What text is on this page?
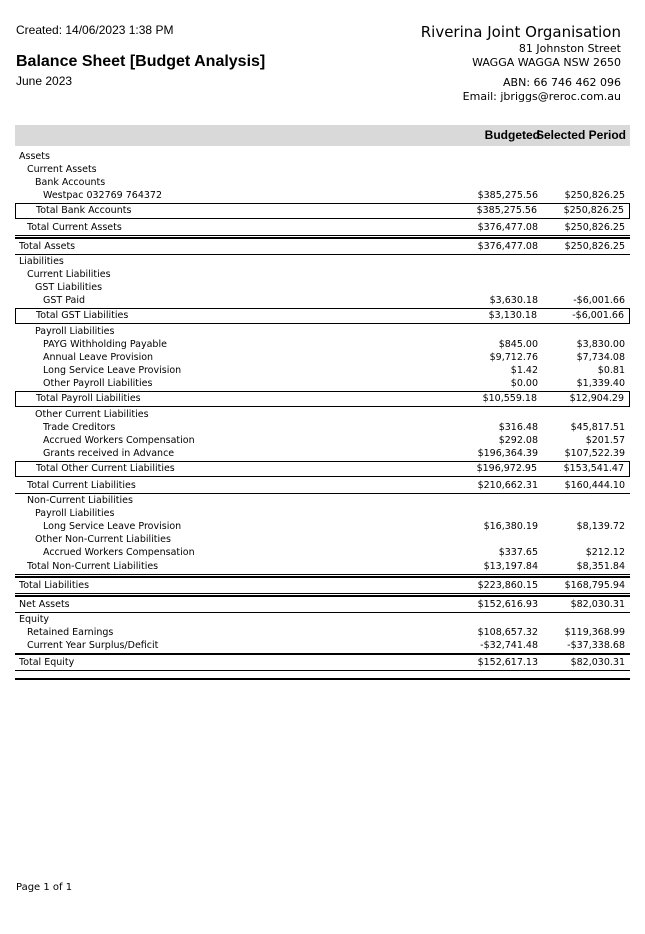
Created: 14/06/2023 1:38 PM
Balance Sheet [Budget Analysis]
June 2023
Riverina Joint Organisation
81 Johnston Street
WAGGA WAGGA NSW 2650
ABN: 66 746 462 096
Email: jbriggs@reroc.com.au
Budgeted
Selected Period
Assets
Current Assets
Bank Accounts
Westpac 032769 764372	$385,275.56	$250,826.25
Total Bank Accounts	$385,275.56	$250,826.25
Total Current Assets	$376,477.08	$250,826.25
Total Assets	$376,477.08	$250,826.25
Liabilities
Current Liabilities
GST Liabilities
GST Paid	$3,630.18	-$6,001.66
Total GST Liabilities	$3,130.18	-$6,001.66
Payroll Liabilities
PAYG Withholding Payable	$845.00	$3,830.00
Annual Leave Provision	$9,712.76	$7,734.08
Long Service Leave Provision	$1.42	$0.81
Other Payroll Liabilities	$0.00	$1,339.40
Total Payroll Liabilities	$10,559.18	$12,904.29
Other Current Liabilities
Trade Creditors	$316.48	$45,817.51
Accrued Workers Compensation	$292.08	$201.57
Grants received in Advance	$196,364.39	$107,522.39
Total Other Current Liabilities	$196,972.95	$153,541.47
Total Current Liabilities	$210,662.31	$160,444.10
Non-Current Liabilities
Payroll Liabilities
Long Service Leave Provision	$16,380.19	$8,139.72
Other Non-Current Liabilities
Accrued Workers Compensation	$337.65	$212.12
Total Non-Current Liabilities	$13,197.84	$8,351.84
Total Liabilities	$223,860.15	$168,795.94
Net Assets	$152,616.93	$82,030.31
Equity
Retained Earnings	$108,657.32	$119,368.99
Current Year Surplus/Deficit	-$32,741.48	-$37,338.68
Total Equity	$152,617.13	$82,030.31
Page 1 of 1
